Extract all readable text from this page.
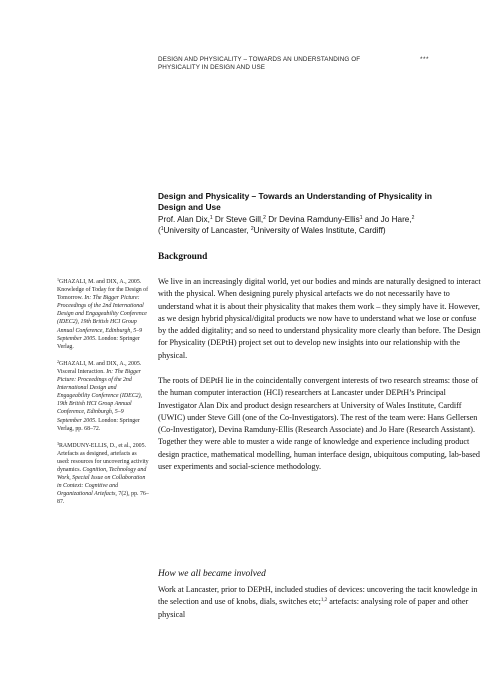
DESIGN AND PHYSICALITY – TOWARDS AN UNDERSTANDING OF PHYSICALITY IN DESIGN AND USE
***
Design and Physicality – Towards an Understanding of Physicality in Design and Use
Prof. Alan Dix,$^1$ Dr Steve Gill,$^2$ Dr Devina Ramduny-Ellis$^1$ and Jo Hare,$^2$
($^1$University of Lancaster, $^2$University of Wales Institute, Cardiff)
Background

We live in an increasingly digital world, yet our bodies and minds are naturally designed to interact with the physical. When designing purely physical artefacts we do not necessarily have to understand what it is about their physicality that makes them work – they simply have it. However, as we design hybrid physical/digital products we now have to understand what we lose or confuse by the added digitality; and so need to understand physicality more clearly than before. The Design for Physicality (DEPtH) project set out to develop new insights into our relationship with the physical.

The roots of DEPtH lie in the coincidentally convergent interests of two research streams: those of the human computer interaction (HCI) researchers at Lancaster under DEPtH’s Principal Investigator Alan Dix and product design researchers at University of Wales Institute, Cardiff (UWIC) under Steve Gill (one of the Co-Investigators). The rest of the team were: Hans Gellersen (Co-Investigator), Devina Ramduny-Ellis (Research Associate) and Jo Hare (Research Assistant). Together they were able to muster a wide range of knowledge and experience including product design practice, mathematical modelling, human interface design, ubiquitous computing, lab-based user experiments and social-science methodology.

How we all became involved

Work at Lancaster, prior to DEPtH, included studies of devices: uncovering the tacit knowledge in the selection and use of knobs, dials, switches etc;$^{1,2}$ artefacts: analysing role of paper and other physical

$^1$GHAZALI, M. and DIX, A., 2005. Knowledge of Today for the Design of Tomorrow. In: The Bigger Picture: Proceedings of the 2nd International Design and Engageability Conference (IDEC2), 19th British HCI Group Annual Conference, Edinburgh, 5–9 September 2005. London: Springer Verlag.

$^2$GHAZALI, M. and DIX, A., 2005. Visceral Interaction. In: The Bigger Picture: Proceedings of the 2nd International Design and Engageability Conference (IDEC2), 19th British HCI Group Annual Conference, Edinburgh, 5–9 September 2005. London: Springer Verlag, pp. 68–72.

$^3$RAMDUNY-ELLIS, D., et al., 2005. Artefacts as designed, artefacts as used: resources for uncovering activity dynamics. Cognition, Technology and Work, Special Issue on Collaboration in Context: Cognitive and Organizational Artefacts, 7(2), pp. 76–87.
